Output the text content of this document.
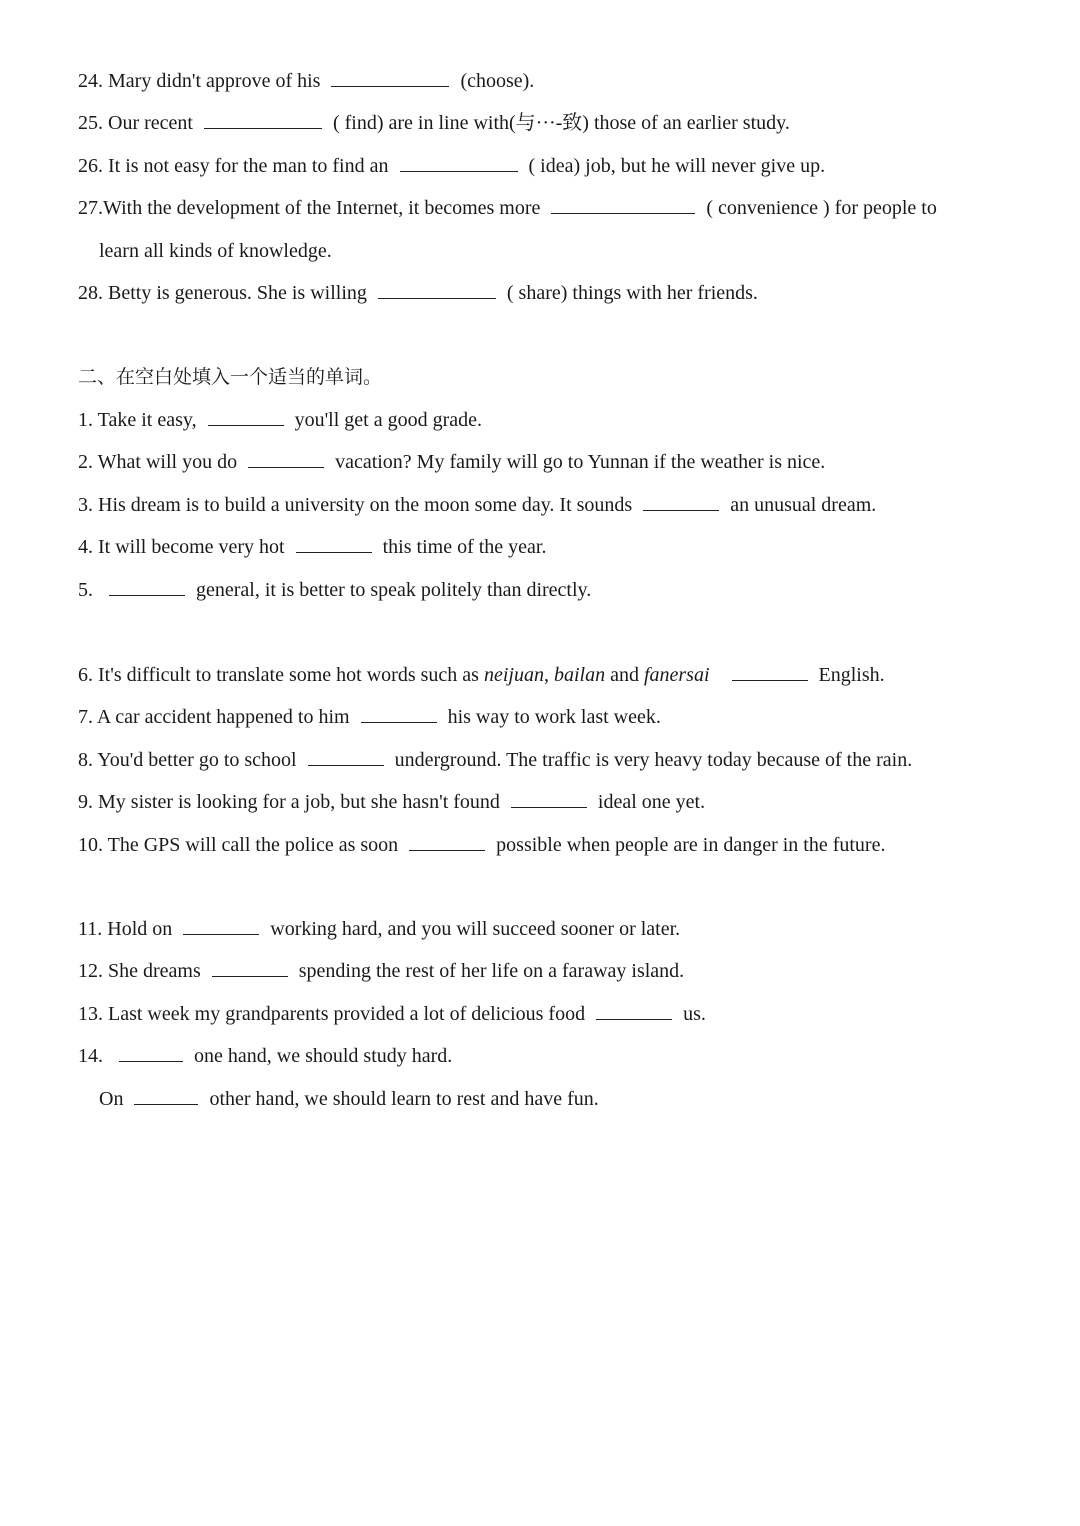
24. Mary didn't approve of his	(choose).
25. Our recent	( find) are in line with(与···-致) those of an earlier study.
26. It is not easy for the man to find an	( idea) job, but he will never give up.
27.With the development of the Internet, it becomes more	( convenience ) for people to
learn all kinds of knowledge.
28. Betty is generous. She is willing	( share) things with her friends.
二、在空白处填入一个适当的单词。
1. Take it easy,	you'll get a good grade.
2. What will you do	vacation? My family will go to Yunnan if the weather is nice.
3. His dream is to build a university on the moon some day. It sounds	an unusual dream.
4. It will become very hot	this time of the year.
5.	general, it is better to speak politely than directly.
6. It's difficult to translate some hot words such as neijuan, bailan and fanersai	English.
7. A car accident happened to him	his way to work last week.
8. You'd better go to school	underground. The traffic is very heavy today because of the rain.
9. My sister is looking for a job, but she hasn't found	ideal one yet.
10. The GPS will call the police as soon	possible when people are in danger in the future.
11. Hold on	working hard, and you will succeed sooner or later.
12. She dreams	spending the rest of her life on a faraway island.
13. Last week my grandparents provided a lot of delicious food	us.
14.	one hand, we should study hard.
On	other hand, we should learn to rest and have fun.
